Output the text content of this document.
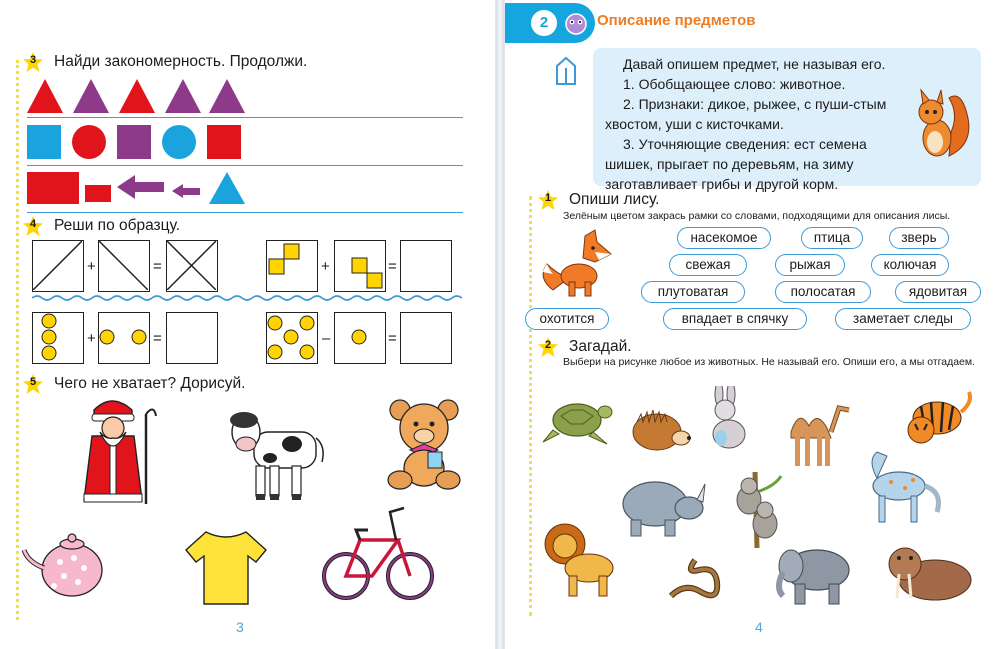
3	Найди закономерность. Продолжи.
4	Реши по образцу.
+	=	+	=
+	=	–	=
5	Чего не хватает? Дорисуй.
3
2	Описание предметов

Давай опишем предмет, не называя его.

1. Обобщающее слово: животное.

2. Признаки: дикое, рыжее, с пуши-стым хвостом, уши с кисточками.

3. Уточняющие сведения: ест семена шишек, прыгает по деревьям, на зиму заготавливает грибы и другой корм.

1	Опиши лису.
Зелёным цветом закрась рамки со словами, подходящими для описания лисы.
насекомое	птица	зверь
свежая	рыжая	колючая
плутоватая	полосатая	ядовитая
охотится	впадает в спячку	заметает следы
2	Загадай.
Выбери на рисунке любое из животных. Не называй его. Опиши его, а мы отгадаем.
4
